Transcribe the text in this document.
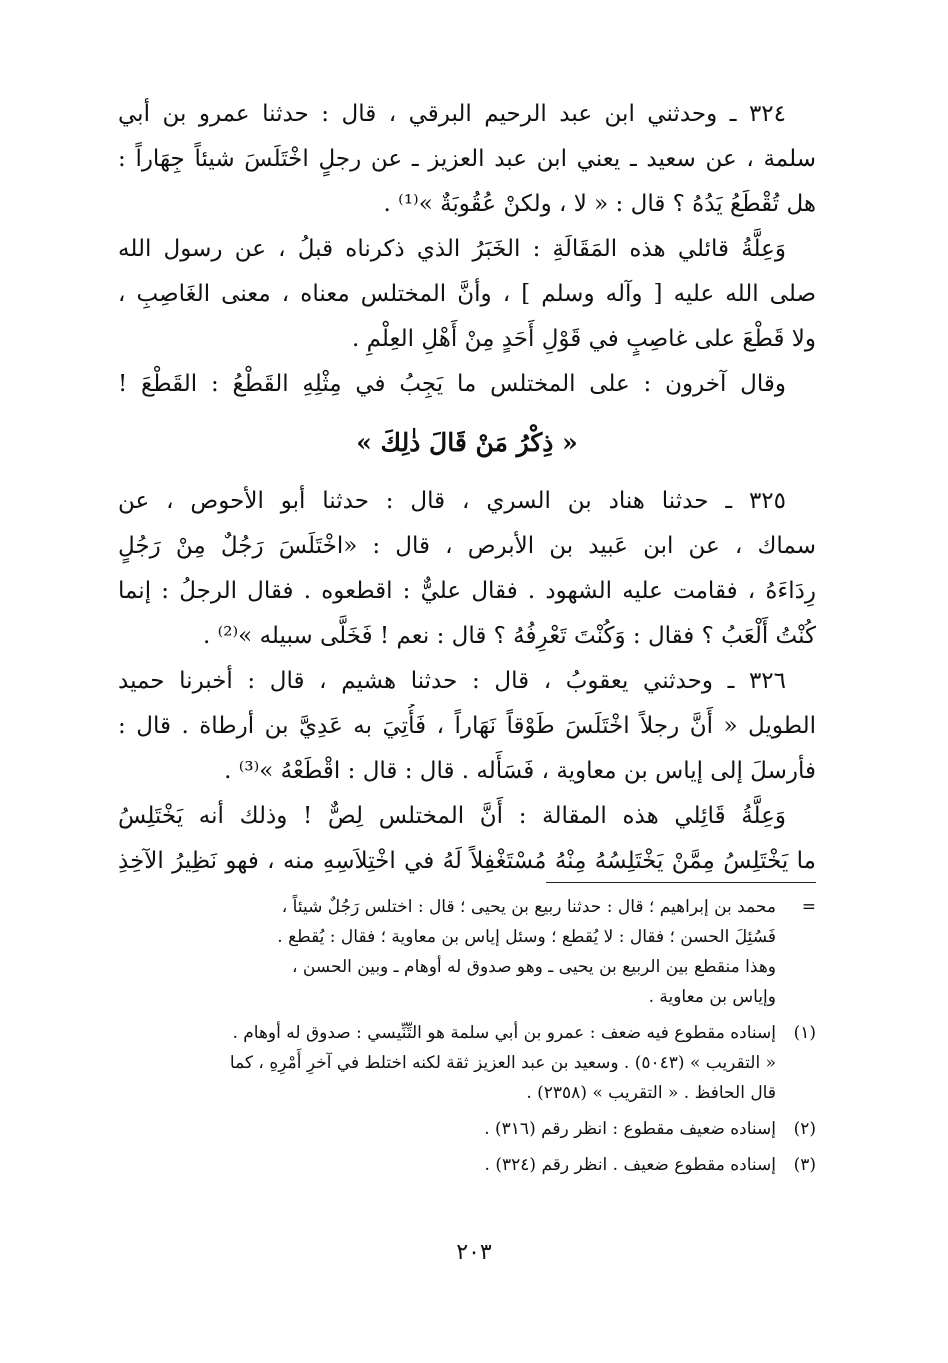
٣٢٤ ـ وحدثني ابن عبد الرحيم البرقي ، قال : حدثنا عمرو بن أبي
سلمة ، عن سعيد ـ يعني ابن عبد العزيز ـ عن رجلٍ اخْتَلَسَ شيئاً جِهَاراً :
هل تُقْطَعُ يَدُهُ ؟ قال : « لا ، ولكنْ عُقُوبَةٌ »⁽¹⁾ .
وَعِلَّةُ قائلي هذه المَقَالَةِ : الخَبَرُ الذي ذكرناه قبلُ ، عن رسول الله
صلى الله عليه [ وآله وسلم ] ، وأنَّ المختلس معناه ، معنى الغَاصِبِ ،
ولا قَطْعَ على غاصِبٍ في قَوْلِ أَحَدٍ مِنْ أَهْلِ العِلْمِ .
وقال آخرون : على المختلس ما يَجِبُ في مِثْلِهِ القَطْعُ : القَطْعَ !
« ذِكْرُ مَنْ قَالَ ذٰلِكَ »
٣٢٥ ـ حدثنا هناد بن السري ، قال : حدثنا أبو الأحوص ، عن
سماك ، عن ابن عَبيد بن الأبرص ، قال : «اخْتَلَسَ رَجُلٌ مِنْ رَجُلٍ
رِدَاءَهُ ، فقامت عليه الشهود . فقال عليٌّ : اقطعوه . فقال الرجلُ : إنما
كُنْتُ أَلْعَبُ ؟ فقال : وَكُنْتَ تَعْرِفُهُ ؟ قال : نعم ! فَخَلَّى سبيله »⁽²⁾ .
٣٢٦ ـ وحدثني يعقوبُ ، قال : حدثنا هشيم ، قال : أخبرنا حميد
الطويل « أَنَّ رجلاً اخْتَلَسَ طَوْقاً نَهَاراً ، فَأُتِيَ به عَدِيَّ بن أرطاة . قال :
فأرسلَ إلى إياس بن معاوية ، فَسَأَله . قال : قال : اقْطَعْهُ »⁽³⁾ .
وَعِلَّةُ قَائِلي هذه المقالة : أَنَّ المختلس لِصٌّ ! وذلك أنه يَخْتَلِسُ
ما يَخْتَلِسُ مِمَّنْ يَخْتَلِسُهُ مِنْهُ مُسْتَغْفِلاً لَهُ في اخْتِلاَسِهِ منه ، فهو نَظِيرُ الآخِذِ
=
محمد بن إبراهيم ؛ قال : حدثنا ربيع بن يحيى ؛ قال : اختلس رَجُلٌ شيئاً ،
فَسُئِلَ الحسن ؛ فقال : لا يُقطع ؛ وسئل إياس بن معاوية ؛ فقال : يُقطع .
وهذا منقطع بين الربيع بن يحيى ـ وهو صدوق له أوهام ـ وبين الحسن ،
وإياس بن معاوية .
(١)
إسناده مقطوع فيه ضعف : عمرو بن أبي سلمة هو التِّنِّيسي : صدوق له أوهام .
« التقريب » (٥٠٤٣) . وسعيد بن عبد العزيز ثقة لكنه اختلط في آخرِ أَمْرِهِ ، كما
قال الحافظ . « التقريب » (٢٣٥٨) .
(٢)
إسناده ضعيف مقطوع : انظر رقم (٣١٦) .
(٣)
إسناده مقطوع ضعيف . انظر رقم (٣٢٤) .
٢٠٣
